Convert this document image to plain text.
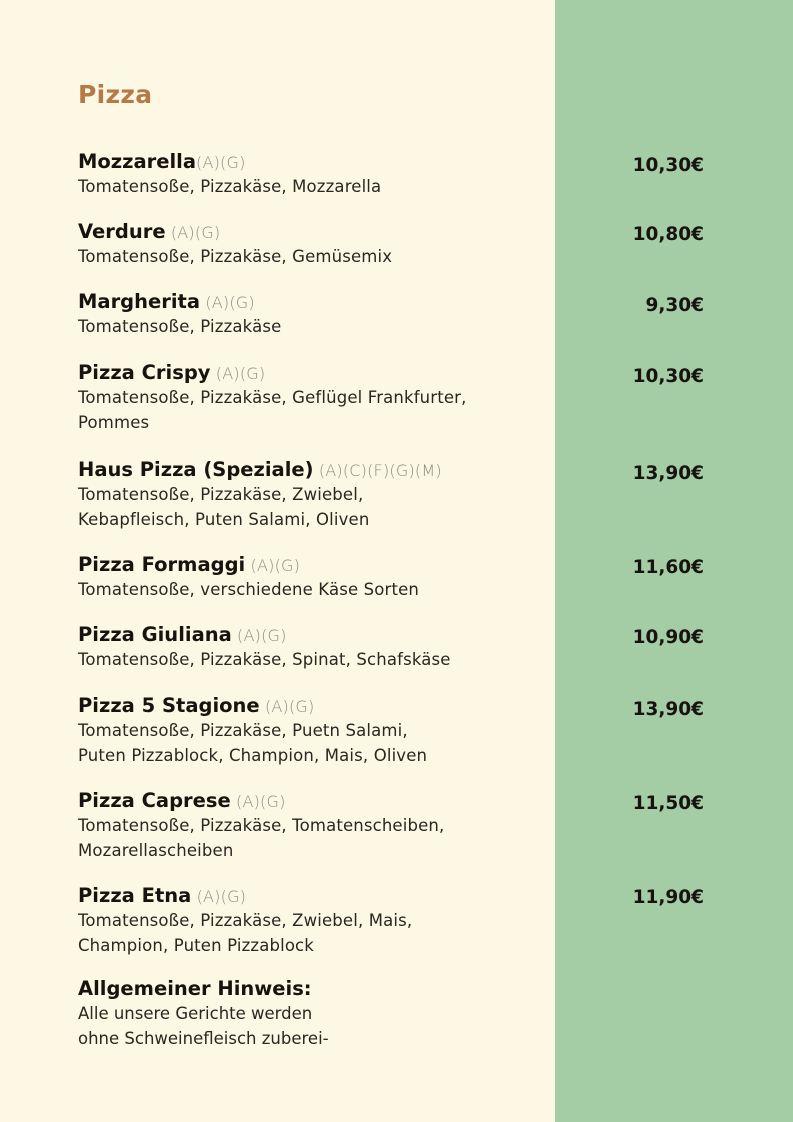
Pizza
Mozzarella(A)(G)
Tomatensoße, Pizzakäse, Mozzarella
10,30€
Verdure (A)(G)
Tomatensoße, Pizzakäse, Gemüsemix
10,80€
Margherita (A)(G)
Tomatensoße, Pizzakäse
9,30€
Pizza Crispy (A)(G)
Tomatensoße, Pizzakäse, Geflügel Frankfurter,
Pommes
10,30€
Haus Pizza (Speziale) (A)(C)(F)(G)(M)
Tomatensoße, Pizzakäse, Zwiebel,
Kebapfleisch, Puten Salami, Oliven
13,90€
Pizza Formaggi (A)(G)
Tomatensoße, verschiedene Käse Sorten
11,60€
Pizza Giuliana (A)(G)
Tomatensoße, Pizzakäse, Spinat, Schafskäse
10,90€
Pizza 5 Stagione (A)(G)
Tomatensoße, Pizzakäse, Puetn Salami,
Puten Pizzablock, Champion, Mais, Oliven
13,90€
Pizza Caprese (A)(G)
Tomatensoße, Pizzakäse, Tomatenscheiben,
Mozarellascheiben
11,50€
Pizza Etna (A)(G)
Tomatensoße, Pizzakäse, Zwiebel, Mais,
Champion, Puten Pizzablock
11,90€
Allgemeiner Hinweis:
Alle unsere Gerichte werden
ohne Schweinefleisch zuberei-
